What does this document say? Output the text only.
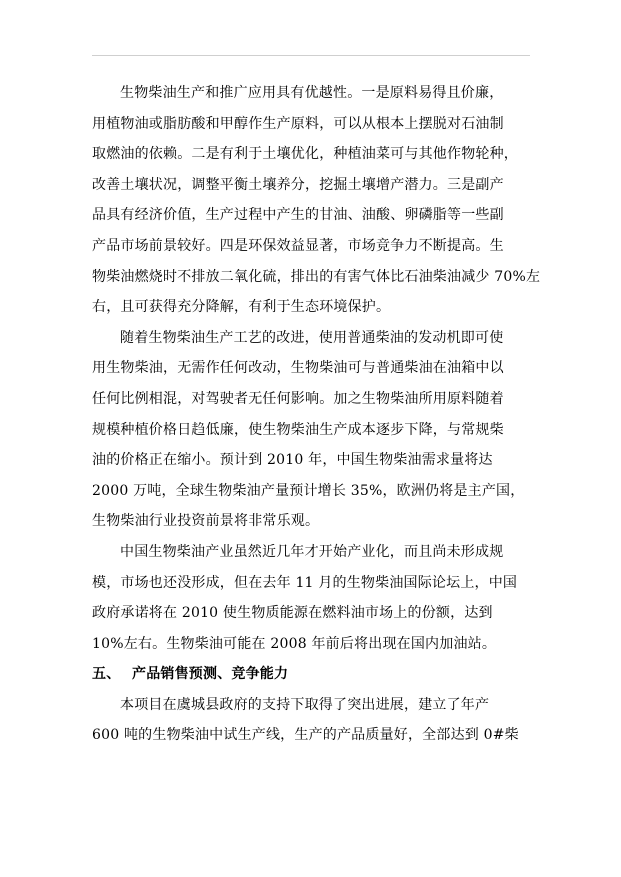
生物柴油生产和推广应用具有优越性。一是原料易得且价廉，
用植物油或脂肪酸和甲醇作生产原料，可以从根本上摆脱对石油制
取燃油的依赖。二是有利于土壤优化，种植油菜可与其他作物轮种，
改善土壤状况，调整平衡土壤养分，挖掘土壤增产潜力。三是副产
品具有经济价值，生产过程中产生的甘油、油酸、卵磷脂等一些副
产品市场前景较好。四是环保效益显著，市场竞争力不断提高。生
物柴油燃烧时不排放二氧化硫，排出的有害气体比石油柴油减少 70%左
右，且可获得充分降解，有利于生态环境保护。
随着生物柴油生产工艺的改进，使用普通柴油的发动机即可使
用生物柴油，无需作任何改动，生物柴油可与普通柴油在油箱中以
任何比例相混，对驾驶者无任何影响。加之生物柴油所用原料随着
规模种植价格日趋低廉，使生物柴油生产成本逐步下降，与常规柴
油的价格正在缩小。预计到 2010 年，中国生物柴油需求量将达
2000 万吨，全球生物柴油产量预计增长 35%，欧洲仍将是主产国，
生物柴油行业投资前景将非常乐观。
中国生物柴油产业虽然近几年才开始产业化，而且尚未形成规
模，市场也还没形成，但在去年 11 月的生物柴油国际论坛上，中国
政府承诺将在 2010 使生物质能源在燃料油市场上的份额，达到
10%左右。生物柴油可能在 2008 年前后将出现在国内加油站。
五、 产品销售预测、竞争能力
本项目在虞城县政府的支持下取得了突出进展，建立了年产
600 吨的生物柴油中试生产线，生产的产品质量好，全部达到 0#柴
